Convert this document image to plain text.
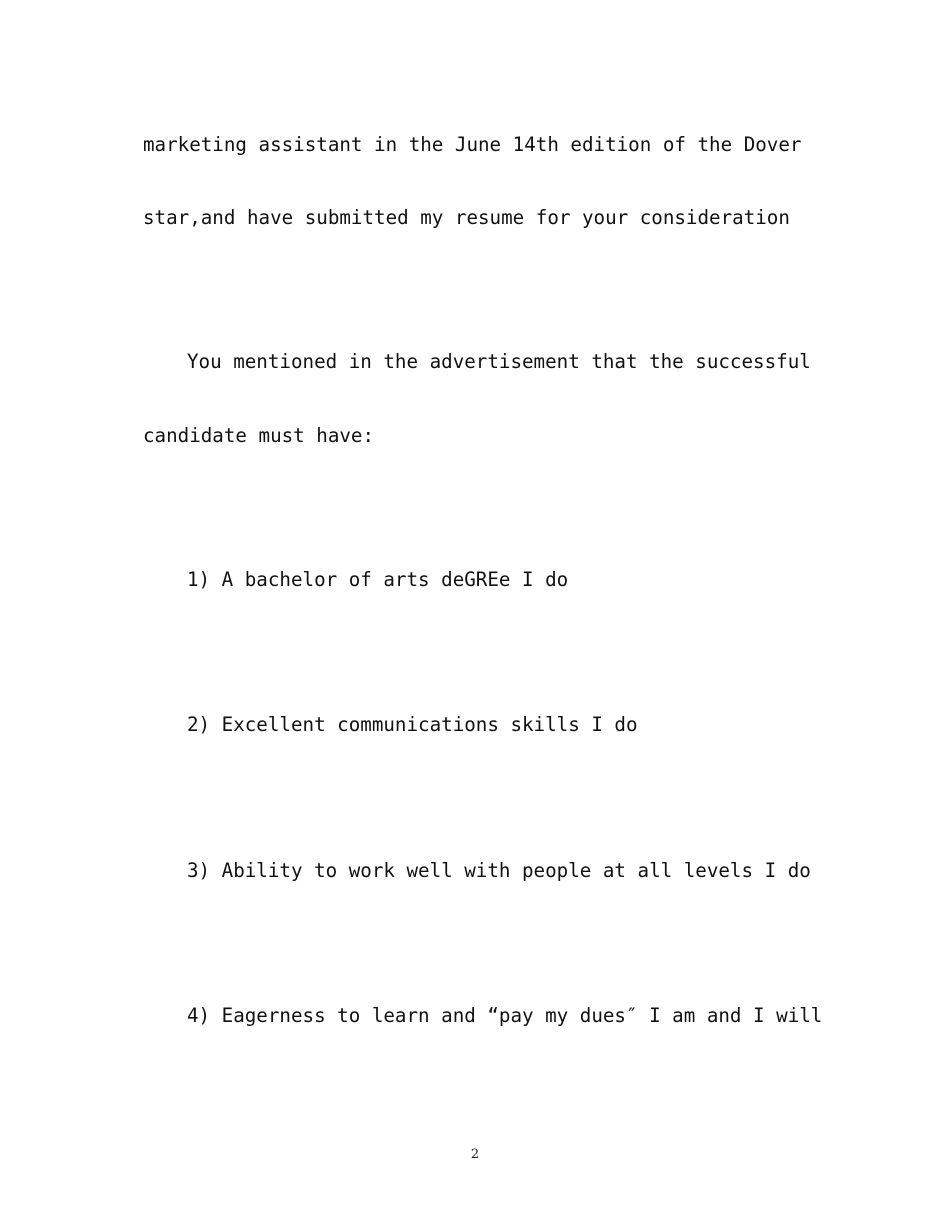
marketing assistant in the June 14th edition of the Dover
star,and have submitted my resume for your consideration
You mentioned in the advertisement that the successful
candidate must have:
1) A bachelor of arts deGREe I do
2) Excellent communications skills I do
3) Ability to work well with people at all levels I do
4) Eagerness to learn and “pay my dues″ I am and I will
2
